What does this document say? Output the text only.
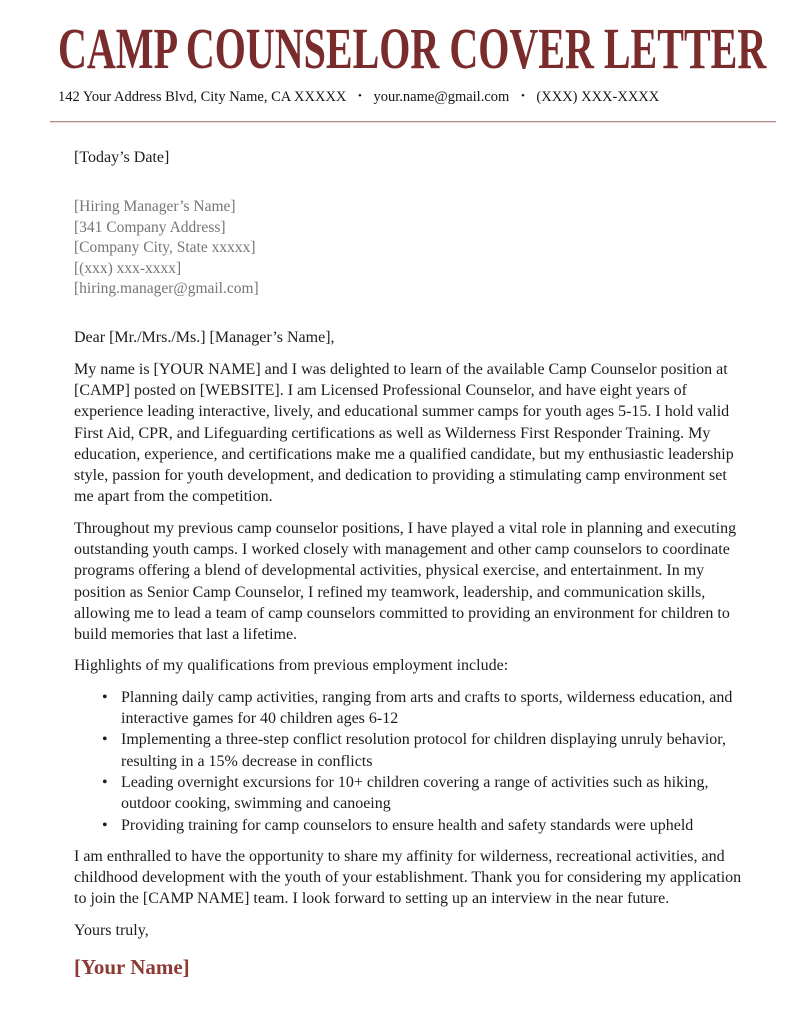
CAMP COUNSELOR COVER LETTER
142 Your Address Blvd, City Name, CA XXXXX • your.name@gmail.com • (XXX) XXX-XXXX
[Today’s Date]
[Hiring Manager’s Name]
[341 Company Address]
[Company City, State xxxxx]
[(xxx) xxx-xxxx]
[hiring.manager@gmail.com]

Dear [Mr./Mrs./Ms.] [Manager’s Name],

My name is [YOUR NAME] and I was delighted to learn of the available Camp Counselor position at [CAMP] posted on [WEBSITE]. I am Licensed Professional Counselor, and have eight years of experience leading interactive, lively, and educational summer camps for youth ages 5-15. I hold valid First Aid, CPR, and Lifeguarding certifications as well as Wilderness First Responder Training. My education, experience, and certifications make me a qualified candidate, but my enthusiastic leadership style, passion for youth development, and dedication to providing a stimulating camp environment set me apart from the competition.

Throughout my previous camp counselor positions, I have played a vital role in planning and executing outstanding youth camps. I worked closely with management and other camp counselors to coordinate programs offering a blend of developmental activities, physical exercise, and entertainment. In my position as Senior Camp Counselor, I refined my teamwork, leadership, and communication skills, allowing me to lead a team of camp counselors committed to providing an environment for children to build memories that last a lifetime.

Highlights of my qualifications from previous employment include:

• Planning daily camp activities, ranging from arts and crafts to sports, wilderness education, and interactive games for 40 children ages 6-12
• Implementing a three-step conflict resolution protocol for children displaying unruly behavior, resulting in a 15% decrease in conflicts
• Leading overnight excursions for 10+ children covering a range of activities such as hiking, outdoor cooking, swimming and canoeing
• Providing training for camp counselors to ensure health and safety standards were upheld

I am enthralled to have the opportunity to share my affinity for wilderness, recreational activities, and childhood development with the youth of your establishment. Thank you for considering my application to join the [CAMP NAME] team. I look forward to setting up an interview in the near future.

Yours truly,

[Your Name]
